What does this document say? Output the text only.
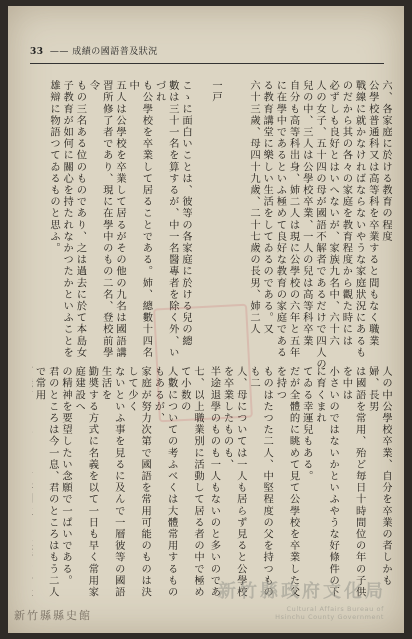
33 —— 成績の國語普及狀況
六、各家庭に於ける教育の程度
公學校普通科又は高等科を卒業すると間もなく職業
戰線に就かなければならないやうな家庭狀況にあるも
のだから其の各々の家庭を教育程度から觀た時には
必ずしも良好とはいへないが、家族九名中、六十六
人の女子、五十四の母が國語不解者であるだけで四人の
兒の中、三人は公學校卒業、一人の兒は高等科卒業
自分も高等科出身、姉二人は現に公學校の六年と五年
に在學中であるといふ極めて良好な教育の家庭である
る教育講堂に樂しい生活をしてゐるのである。又
六十三歲、母四十九歲、二十七歲の長男、姉二人
一戸
こゝに面白いことは、彼等の各家庭に於ける兒の總
數は三十一名を算するが、中一名醫專者を除く外、いづれ
も公學校を卒業して居ることである。姉、總數十四名中
五人は公學校を卒業して居るがその他の九名は國語講
習所修了者であり、現に在學中のもの二名、登校前學令
もの三名ある位のものであり、之は過去に於て本島女
子教育が如何に關心を持たれなかつたかといふことを
雄辯に物語つてゐるものと思ふ。
人の中公學校卒業、自分を卒業の者しかも婦、長男
は國語を常用、殆ど毎日十時間位の年の子供を中は
小さいのではないかといふやうな好條件の下に育くまれ
てゐる幸運兒もある。
だが全體的に眺めて見て公學校を卒業した父を持つ
ものはたつた二人、中堅程度の父を持つものも二
人、母については一人も居らず見ると公學校を卒業したものも、
半途退學のものも一人もないのと多いのであ

七、以上職業別に活動して居る者の中で極めて小数の
人數についての考ふべくは大體常用するものもあるが、
家庭が努力次第で國語を常用可能のものは決して少く
ないといふ事を見るに及んで一層彼等の國語生活を
勤奬する方式に名義を以て一日も早く常用家庭建設へ
の精神を要望したい念願で一ぱいである。
君のところは今一息、君のところはもう二人で常用

新竹縣政府文化局
Cultural Affairs Bureau of Hsinchu County Government
新竹縣縣史館
